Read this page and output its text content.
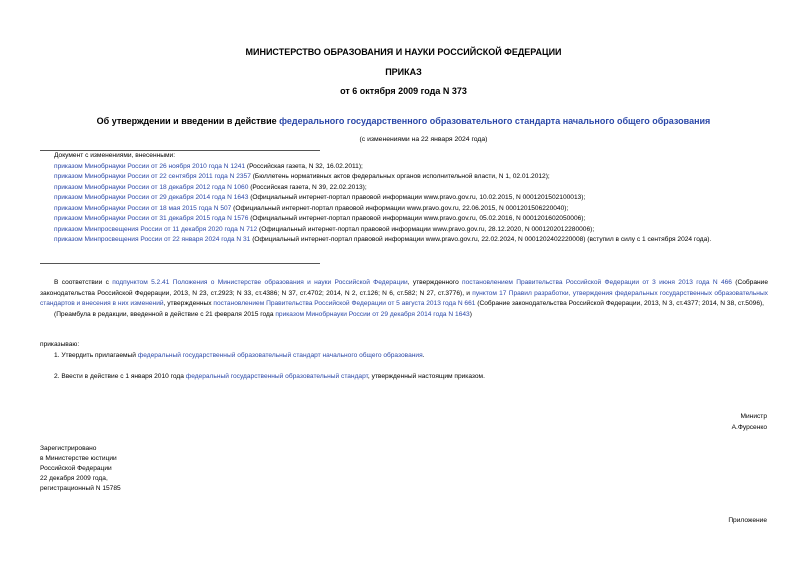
МИНИСТЕРСТВО ОБРАЗОВАНИЯ И НАУКИ РОССИЙСКОЙ ФЕДЕРАЦИИ
ПРИКАЗ
от 6 октября 2009 года N 373
Об утверждении и введении в действие федерального государственного образовательного стандарта начального общего образования
(с изменениями на 22 января 2024 года)

Документ с изменениями, внесенными:

приказом Минобрнауки России от 26 ноября 2010 года N 1241 (Российская газета, N 32, 16.02.2011);

приказом Минобрнауки России от 22 сентября 2011 года N 2357 (Бюллетень нормативных актов федеральных органов исполнительной власти, N 1, 02.01.2012);

приказом Минобрнауки России от 18 декабря 2012 года N 1060 (Российская газета, N 39, 22.02.2013);

приказом Минобрнауки России от 29 декабря 2014 года N 1643 (Официальный интернет-портал правовой информации www.pravo.gov.ru, 10.02.2015, N 0001201502100013);

приказом Минобрнауки России от 18 мая 2015 года N 507 (Официальный интернет-портал правовой информации www.pravo.gov.ru, 22.06.2015, N 0001201506220040);

приказом Минобрнауки России от 31 декабря 2015 года N 1576 (Официальный интернет-портал правовой информации www.pravo.gov.ru, 05.02.2016, N 0001201602050006);

приказом Минпросвещения России от 11 декабря 2020 года N 712 (Официальный интернет-портал правовой информации www.pravo.gov.ru, 28.12.2020, N 0001202012280006);

приказом Минпросвещения России от 22 января 2024 года N 31 (Официальный интернет-портал правовой информации www.pravo.gov.ru, 22.02.2024, N 0001202402220008) (вступил в силу с 1 сентября 2024 года).

В соответствии с подпунктом 5.2.41 Положения о Министерстве образования и науки Российской Федерации, утвержденного постановлением Правительства Российской Федерации от 3 июня 2013 года N 466 (Собрание законодательства Российской Федерации, 2013, N 23, ст.2923; N 33, ст.4386; N 37, ст.4702; 2014, N 2, ст.126; N 6, ст.582; N 27, ст.3776), и пунктом 17 Правил разработки, утверждения федеральных государственных образовательных стандартов и внесения в них изменений, утвержденных постановлением Правительства Российской Федерации от 5 августа 2013 года N 661 (Собрание законодательства Российской Федерации, 2013, N 3, ст.4377; 2014, N 38, ст.5096),

(Преамбула в редакции, введенной в действие с 21 февраля 2015 года приказом Минобрнауки России от 29 декабря 2014 года N 1643)

приказываю:

1. Утвердить прилагаемый федеральный государственный образовательный стандарт начального общего образования.

2. Ввести в действие с 1 января 2010 года федеральный государственный образовательный стандарт, утвержденный настоящим приказом.

Министр
А.Фурсенко
Зарегистрировано
в Министерстве юстиции
Российской Федерации
22 декабря 2009 года,
регистрационный N 15785
Приложение
